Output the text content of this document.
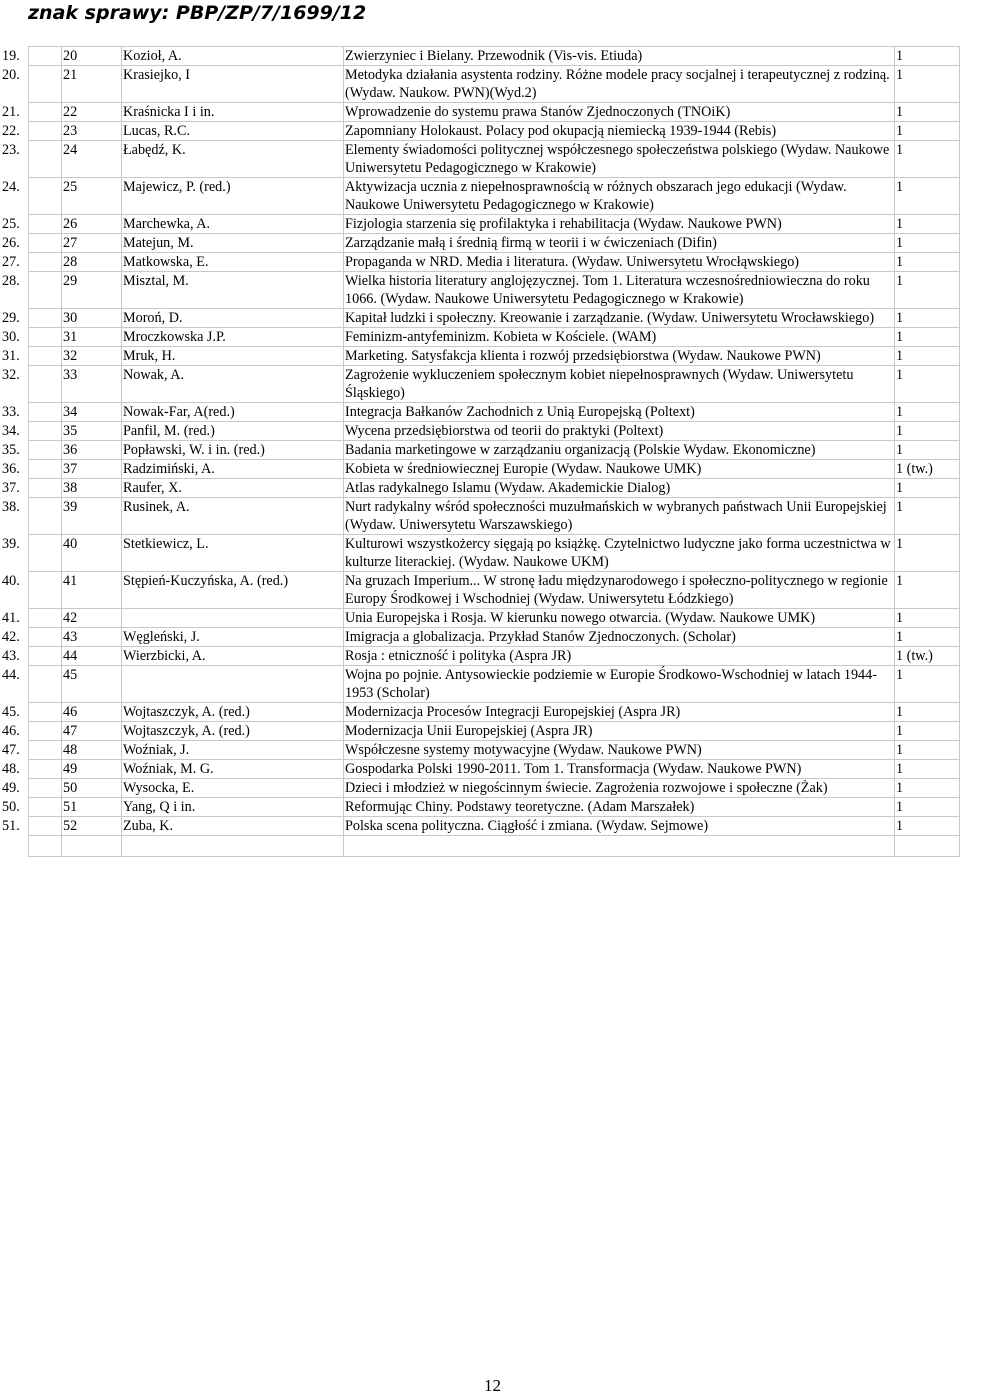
znak sprawy: PBP/ZP/7/1699/12
19.	20	Kozioł, A.	Zwierzyniec i Bielany. Przewodnik (Vis-vis. Etiuda)	1
20.	21	Krasiejko, I	Metodyka działania asystenta rodziny. Różne modele pracy socjalnej i terapeutycznej z rodziną. (Wydaw. Naukow. PWN)(Wyd.2)	1
21.	22	Kraśnicka I i in.	Wprowadzenie do systemu prawa Stanów Zjednoczonych (TNOiK)	1
22.	23	Lucas, R.C.	Zapomniany Holokaust. Polacy pod okupacją niemiecką 1939-1944 (Rebis)	1
23.	24	Łabędź, K.	Elementy świadomości politycznej współczesnego społeczeństwa polskiego (Wydaw. Naukowe Uniwersytetu Pedagogicznego w Krakowie)	1
24.	25	Majewicz, P. (red.)	Aktywizacja ucznia z niepełnosprawnością w różnych obszarach jego edukacji (Wydaw. Naukowe Uniwersytetu Pedagogicznego w Krakowie)	1
25.	26	Marchewka, A.	Fizjologia starzenia się profilaktyka i rehabilitacja (Wydaw. Naukowe PWN)	1
26.	27	Matejun, M.	Zarządzanie małą i średnią firmą w teorii i w ćwiczeniach (Difin)	1
27.	28	Matkowska, E.	Propaganda w NRD. Media i literatura. (Wydaw. Uniwersytetu Wrocłąwskiego)	1
28.	29	Misztal, M.	Wielka historia literatury anglojęzycznej. Tom 1. Literatura wczesnośredniowieczna do roku 1066. (Wydaw. Naukowe Uniwersytetu Pedagogicznego w Krakowie)	1
29.	30	Moroń, D.	Kapitał ludzki i społeczny. Kreowanie i zarządzanie. (Wydaw. Uniwersytetu Wrocławskiego)	1
30.	31	Mroczkowska J.P.	Feminizm-antyfeminizm. Kobieta w Kościele. (WAM)	1
31.	32	Mruk, H.	Marketing. Satysfakcja klienta i rozwój przedsiębiorstwa (Wydaw. Naukowe PWN)	1
32.	33	Nowak, A.	Zagrożenie wykluczeniem społecznym kobiet niepełnosprawnych (Wydaw. Uniwersytetu Śląskiego)	1
33.	34	Nowak-Far, A(red.)	Integracja Bałkanów Zachodnich z Unią Europejską (Poltext)	1
34.	35	Panfil, M. (red.)	Wycena przedsiębiorstwa od teorii do praktyki (Poltext)	1
35.	36	Popławski, W. i in. (red.)	Badania marketingowe w zarządzaniu organizacją (Polskie Wydaw. Ekonomiczne)	1
36.	37	Radzimiński, A.	Kobieta w średniowiecznej Europie (Wydaw. Naukowe UMK)	1 (tw.)
37.	38	Raufer, X.	Atlas radykalnego Islamu (Wydaw. Akademickie Dialog)	1
38.	39	Rusinek, A.	Nurt radykalny wśród społeczności muzułmańskich w wybranych państwach Unii Europejskiej (Wydaw. Uniwersytetu Warszawskiego)	1
39.	40	Stetkiewicz, L.	Kulturowi wszystkożercy sięgają po książkę. Czytelnictwo ludyczne jako forma uczestnictwa w kulturze literackiej. (Wydaw. Naukowe UKM)	1
40.	41	Stępień-Kuczyńska, A. (red.)	Na gruzach Imperium... W stronę ładu międzynarodowego i społeczno-politycznego w regionie Europy Środkowej i Wschodniej (Wydaw. Uniwersytetu Łódzkiego)	1
41.	42		Unia Europejska i Rosja. W kierunku nowego otwarcia. (Wydaw. Naukowe UMK)	1
42.	43	Węgleński, J.	Imigracja a globalizacja. Przykład Stanów Zjednoczonych. (Scholar)	1
43.	44	Wierzbicki, A.	Rosja : etniczność i polityka (Aspra JR)	1 (tw.)
44.	45		Wojna po pojnie. Antysowieckie podziemie w Europie Środkowo-Wschodniej w latach 1944-1953 (Scholar)	1
45.	46	Wojtaszczyk, A. (red.)	Modernizacja Procesów Integracji Europejskiej (Aspra JR)	1
46.	47	Wojtaszczyk, A. (red.)	Modernizacja Unii Europejskiej (Aspra JR)	1
47.	48	Woźniak, J.	Współczesne systemy motywacyjne (Wydaw. Naukowe PWN)	1
48.	49	Woźniak, M. G.	Gospodarka Polski 1990-2011. Tom 1. Transformacja (Wydaw. Naukowe PWN)	1
49.	50	Wysocka, E.	Dzieci i młodzież w niegościnnym świecie. Zagrożenia rozwojowe i społeczne (Żak)	1
50.	51	Yang, Q i in.	Reformując Chiny. Podstawy teoretyczne. (Adam Marszałek)	1
51.	52	Zuba, K.	Polska scena polityczna. Ciągłość i zmiana. (Wydaw. Sejmowe)	1

12
